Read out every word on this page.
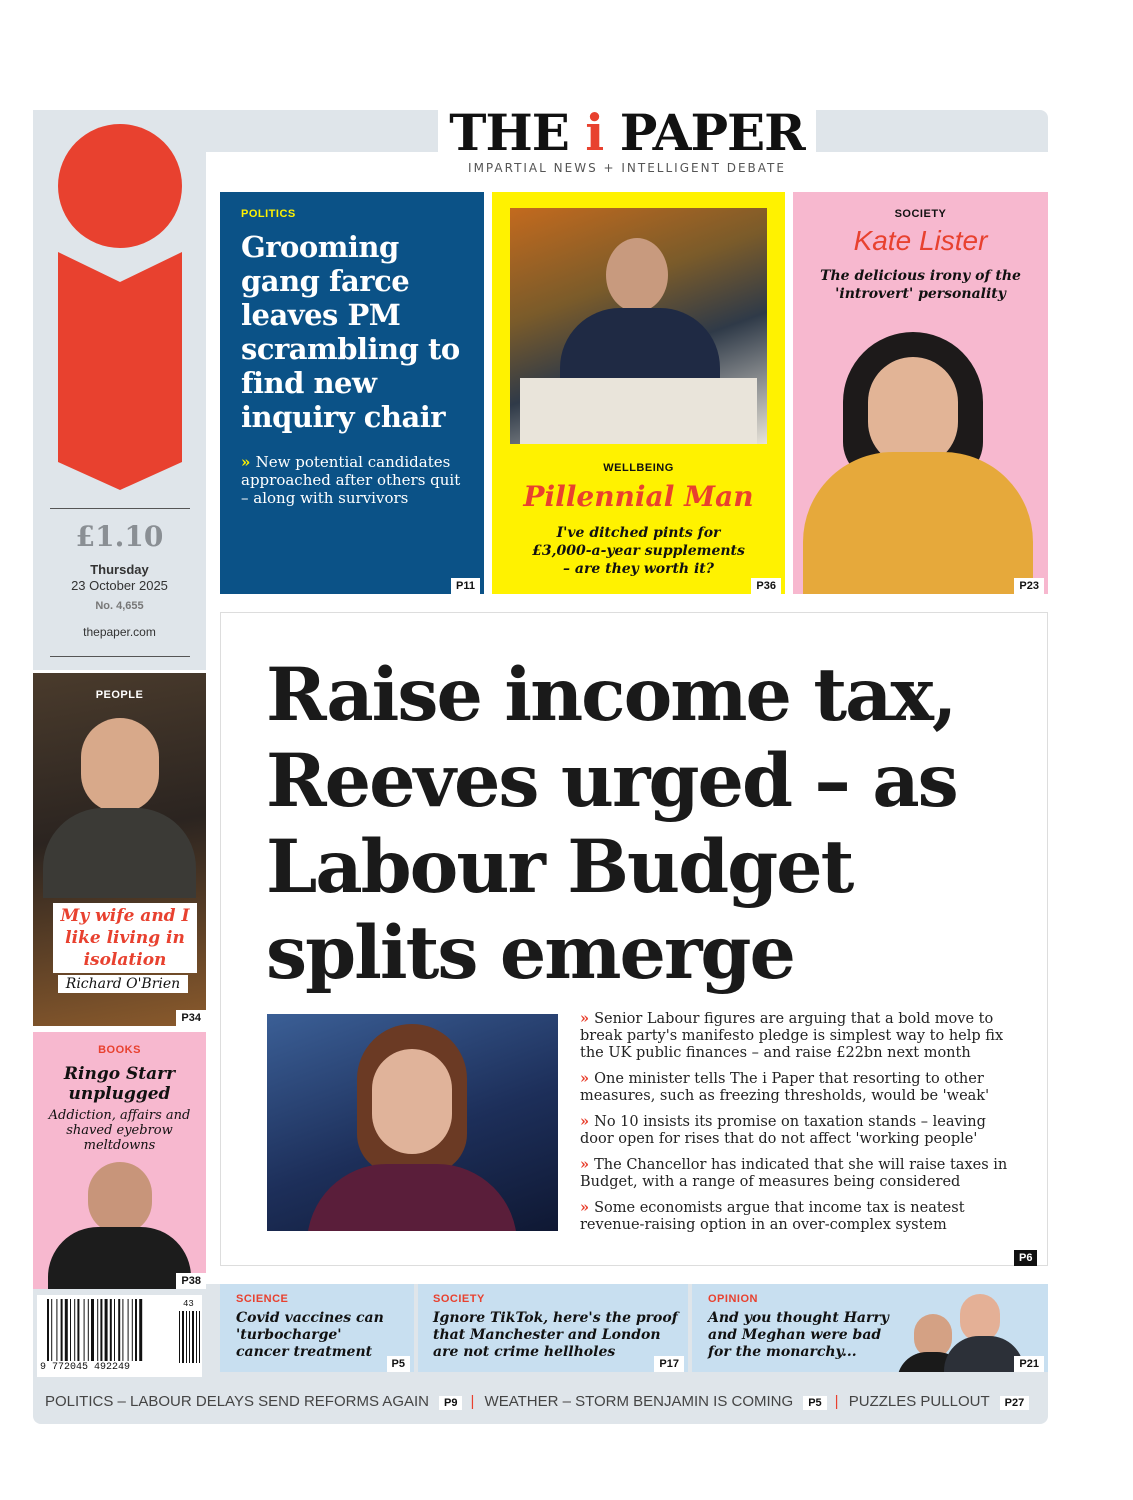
THE i PAPER
IMPARTIAL NEWS + INTELLIGENT DEBATE
£1.10
Thursday
23 October 2025
No. 4,655
thepaper.com
POLITICS
Grooming gang farce leaves PM scrambling to find new inquiry chair
» New potential candidates approached after others quit – along with survivors
P11
WELLBEING
Pillennial Man
I've ditched pints for £3,000-a-year supplements – are they worth it?
P36
SOCIETY
Kate Lister
The delicious irony of the 'introvert' personality
P23
PEOPLE
My wife and I like living in isolation
Richard O'Brien
P34
BOOKS
Ringo Starr unplugged
Addiction, affairs and shaved eyebrow meltdowns
P38
Raise income tax, Reeves urged – as Labour Budget splits emerge
» Senior Labour figures are arguing that a bold move to break party's manifesto pledge is simplest way to help fix the UK public finances – and raise £22bn next month
» One minister tells The i Paper that resorting to other measures, such as freezing thresholds, would be 'weak'
» No 10 insists its promise on taxation stands – leaving door open for rises that do not affect 'working people'
» The Chancellor has indicated that she will raise taxes in Budget, with a range of measures being considered
» Some economists argue that income tax is neatest revenue-raising option in an over-complex system
P6
SCIENCE
Covid vaccines can 'turbocharge' cancer treatment
P5
SOCIETY
Ignore TikTok, here's the proof that Manchester and London are not crime hellholes
P17
OPINION
And you thought Harry and Meghan were bad for the monarchy...
P21
9 772045 492249
43
POLITICS – LABOUR DELAYS SEND REFORMS AGAIN P9 | WEATHER – STORM BENJAMIN IS COMING P5 | PUZZLES PULLOUT P27
